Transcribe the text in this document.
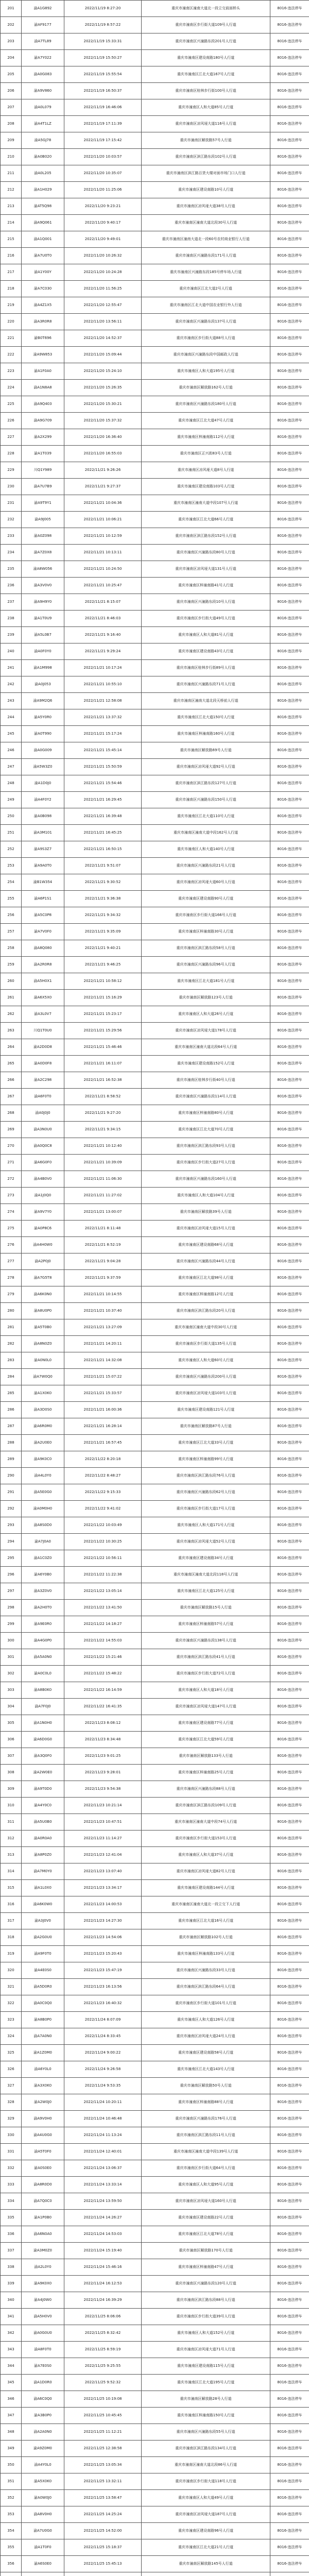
201	渝A1G892	2022/11/19 8:27:20	重庆市潼南区潼南大道北一段立交前面桥头	8016-违法停车
202	渝AF9177	2022/11/19 8:57:22	重庆市潼南区步行街大道109号人行道	8016-违法停车
203	渝A7TL89	2022/11/19 15:33:31	重庆市潼南区兴潼路东段201号人行道	8016-违法停车
204	渝A7Y022	2022/11/19 15:50:27	重庆市潼南区建设南路180号人行道	8016-违法停车
205	渝A0G083	2022/11/19 15:55:54	重庆市潼南区江北大道167号人行道	8016-违法停车
206	渝A9V860	2022/11/19 16:50:37	重庆市潼南区桂林步行街100号人行道	8016-违法停车
207	渝A0L079	2022/11/19 16:46:06	重庆市潼南区人和大道85号人行道	8016-违法停车
208	渝A4T1LZ	2022/11/19 17:11:39	重庆市潼南区凉风垭大道116号人行道	8016-违法停车
209	渝A5GJ78	2022/11/19 17:15:42	重庆市潼南区解放路57号人行道	8016-违法停车
210	渝A0B020	2022/11/20 10:03:57	重庆市潼南区滨江路东段102号人行道	8016-违法停车
211	渝A0L205	2022/11/20 10:35:07	重庆市潼南区滨江路百货大楼对面市场门口人行道	8016-违法停车
212	渝A1H029	2022/11/20 11:25:06	重庆市潼南区建设南路10号人行道	8016-违法停车
213	渝AT5Q98	2022/11/20 9:23:21	重庆市潼南区凉风垭大道38号人行道	8016-违法停车
214	渝A9Q061	2022/11/20 9:40:17	重庆市潼南区潼南大道北段30号人行道	8016-违法停车
215	渝A1Q001	2022/11/20 9:49:01	重庆市潼南区潼南大道北一段60号农村商业银行人行道	8016-违法停车
216	渝A7U0T0	2022/11/20 10:26:32	重庆市潼南区兴潼路东段171号人行道	8016-违法停车
217	渝A1Y00Y	2022/11/20 10:24:28	重庆市潼南区兴潼路东段185号停车场人行道	8016-违法停车
218	渝A7C030	2022/11/20 11:56:25	重庆市潼南区江北大道2号人行道	8016-违法停车
219	渝A4Z1X5	2022/11/20 12:55:47	重庆市潼南区江北大道中国农业银行外人行道	8016-违法停车
220	渝A3R0R8	2022/11/20 13:56:11	重庆市潼南区兴潼路东段137号人行道	8016-违法停车
221	渝B0T696	2022/11/20 14:52:37	重庆市潼南区步行街大道88号人行道	8016-违法停车
222	渝A9W853	2022/11/20 15:09:44	重庆市潼南区兴潼路东段中国邮政人行道	8016-违法停车
223	渝A1F0A0	2022/11/20 15:24:10	重庆市潼南区人和大道195号人行道	8016-违法停车
224	渝A1N8A8	2022/11/20 15:26:35	重庆市潼南区解放路162号人行道	8016-违法停车
225	渝A9Q403	2022/11/20 15:30:21	重庆市潼南区兴潼路东段180号人行道	8016-违法停车
226	渝A9G709	2022/11/20 15:37:32	重庆市潼南区江北大道47号人行道	8016-违法停车
227	渝A2X299	2022/11/20 16:36:40	重庆市潼南区梓潼南路112号人行道	8016-违法停车
228	渝A1T039	2022/11/20 16:55:03	重庆市潼南区正兴街83号人行道	8016-违法停车
229	川Q1Y989	2022/11/21 9:26:26	重庆市潼南区凉风垭大道8号人行道	8016-违法停车
230	渝A7U7B9	2022/11/21 9:27:37	重庆市潼南区建设南路103号人行道	8016-违法停车
231	渝A9T9Y1	2022/11/21 10:04:36	重庆市潼南区潼南大道中段107号人行道	8016-违法停车
232	渝A9J005	2022/11/21 10:06:21	重庆市潼南区江北大道66号人行道	8016-违法停车
233	渝A0Z098	2022/11/21 10:12:59	重庆市潼南区滨江路东段152号人行道	8016-违法停车
234	渝A7Z0X8	2022/11/21 10:13:11	重庆市潼南区兴潼路东段80号人行道	8016-违法停车
235	渝A8W056	2022/11/21 10:24:50	重庆市潼南区凉风垭大道131号人行道	8016-违法停车
236	渝A3V0V0	2022/11/21 10:25:47	重庆市潼南区梓潼南路41号人行道	8016-违法停车
237	渝A9H9Y0	2022/11/21 8:15:07	重庆市潼南区兴潼路东段10号人行道	8016-违法停车
238	渝A1T0U9	2022/11/21 8:46:03	重庆市潼南区步行街大道49号人行道	8016-违法停车
239	渝A5L0B7	2022/11/21 9:16:40	重庆市潼南区人和大道81号人行道	8016-违法停车
240	渝A0F0Y0	2022/11/21 9:29:24	重庆市潼南区建设南路43号人行道	8016-违法停车
241	渝A1M998	2022/11/21 10:17:24	重庆市潼南区桂林步行街89号人行道	8016-违法停车
242	渝A0J053	2022/11/21 10:55:10	重庆市潼南区兴潼路东段71号人行道	8016-违法停车
243	渝A9M2Q6	2022/11/21 12:58:08	重庆市潼南区潼南大道北段天桥前人行道	8016-违法停车
244	渝A5Y0R0	2022/11/21 13:37:32	重庆市潼南区江北大道150号人行道	8016-违法停车
245	渝A0T990	2022/11/21 15:17:24	重庆市潼南区梓潼南路160号人行道	8016-违法停车
246	渝A0G009	2022/11/21 15:45:14	重庆市潼南区解放路69号人行道	8016-违法停车
247	渝A5W3Z0	2022/11/21 15:50:59	重庆市潼南区凉风垭大道92号人行道	8016-违法停车
248	渝A1D0J0	2022/11/21 15:54:46	重庆市潼南区滨江路东段127号人行道	8016-违法停车
249	渝A4F0Y2	2022/11/21 16:29:45	重庆市潼南区兴潼路东段150号人行道	8016-违法停车
250	渝A0B098	2022/11/21 16:39:48	重庆市潼南区江北大道110号人行道	8016-违法停车
251	渝A3M101	2022/11/21 16:45:25	重庆市潼南区潼南大道中段162号人行道	8016-违法停车
252	渝A9S3Z7	2022/11/21 16:50:15	重庆市潼南区人和大道140号人行道	8016-违法停车
253	渝A9A0T0	2022/11/21 9:51:07	重庆市潼南区兴潼路东段21号人行道	8016-违法停车
254	渝B1W354	2022/11/21 9:30:52	重庆市潼南区凉风垭大道60号人行道	8016-违法停车
255	渝A6P1S1	2022/11/21 9:36:38	重庆市潼南区建设南路90号人行道	8016-违法停车
256	渝A5C0P8	2022/11/21 9:34:32	重庆市潼南区步行街大道166号人行道	8016-违法停车
257	渝A7V0F0	2022/11/21 9:35:09	重庆市潼南区梓潼南路30号人行道	8016-违法停车
258	渝A8Q080	2022/11/21 9:40:21	重庆市潼南区滨江路东段58号人行道	8016-违法停车
259	渝A2R0R8	2022/11/21 9:46:25	重庆市潼南区兴潼路东段96号人行道	8016-违法停车
260	渝A5H0X1	2022/11/21 10:58:12	重庆市潼南区江北大道181号人行道	8016-违法停车
261	渝A6X5X0	2022/11/21 15:16:29	重庆市潼南区解放路123号人行道	8016-违法停车
262	渝A3L0V7	2022/11/21 15:23:17	重庆市潼南区人和大道26号人行道	8016-违法停车
263	川Q1T0U0	2022/11/21 15:29:56	重庆市潼南区凉风垭大道178号人行道	8016-违法停车
264	渝A2D0D8	2022/11/21 15:46:46	重庆市潼南区潼南大道北段64号人行道	8016-违法停车
265	渝A0D0F8	2022/11/21 16:11:07	重庆市潼南区建设南路152号人行道	8016-违法停车
266	渝A2C298	2022/11/21 16:52:38	重庆市潼南区桂林步行街40号人行道	8016-违法停车
267	渝A6F0T0	2022/11/21 8:58:52	重庆市潼南区兴潼路东段114号人行道	8016-违法停车
268	渝A0J0J0	2022/11/21 9:27:20	重庆市潼南区梓潼南路80号人行道	8016-违法停车
269	渝A3N0U0	2022/11/21 9:34:15	重庆市潼南区江北大道70号人行道	8016-违法停车
270	渝A0Q0C8	2022/11/21 10:12:40	重庆市潼南区滨江路东段93号人行道	8016-违法停车
271	渝A6G0F0	2022/11/21 10:39:09	重庆市潼南区步行街大道27号人行道	8016-违法停车
272	渝A4B0V0	2022/11/21 11:06:30	重庆市潼南区兴潼路东段160号人行道	8016-违法停车
273	渝A1J0Q0	2022/11/21 11:27:02	重庆市潼南区人和大道104号人行道	8016-违法停车
274	渝A9V7Y0	2022/11/21 13:00:07	重庆市潼南区解放路39号人行道	8016-违法停车
275	渝A0P8C6	2022/11/21 8:11:48	重庆市潼南区凉风垭大道15号人行道	8016-违法停车
276	渝A4H0W0	2022/11/21 8:52:19	重庆市潼南区建设南路68号人行道	8016-违法停车
277	渝A2P0J0	2022/11/21 9:04:28	重庆市潼南区兴潼路东段44号人行道	8016-违法停车
278	渝A7G5T8	2022/11/21 9:37:59	重庆市潼南区江北大道98号人行道	8016-违法停车
279	渝A6K0N0	2022/11/21 10:14:55	重庆市潼南区梓潼南路12号人行道	8016-违法停车
280	渝A8U0P0	2022/11/21 10:37:40	重庆市潼南区滨江路东段20号人行道	8016-违法停车
281	渝A5T0B0	2022/11/21 13:27:09	重庆市潼南区潼南大道中段30号人行道	8016-违法停车
282	渝A8N0Z0	2022/11/21 14:20:11	重庆市潼南区步行街大道135号人行道	8016-违法停车
283	渝A0N0L0	2022/11/21 14:32:08	重庆市潼南区人和大道60号人行道	8016-违法停车
284	渝A7W0Q0	2022/11/21 15:07:22	重庆市潼南区兴潼路东段200号人行道	8016-违法停车
285	渝A1X0K0	2022/11/21 15:33:57	重庆市潼南区凉风垭大道103号人行道	8016-违法停车
286	渝A3D0S0	2022/11/21 16:00:36	重庆市潼南区建设南路121号人行道	8016-违法停车
287	渝A6R0M0	2022/11/21 16:28:14	重庆市潼南区解放路87号人行道	8016-违法停车
288	渝A2U0E0	2022/11/21 16:57:45	重庆市潼南区江北大道33号人行道	8016-违法停车
289	渝A9K0C0	2022/11/22 8:20:18	重庆市潼南区梓潼南路99号人行道	8016-违法停车
290	渝A4L0Y0	2022/11/22 8:48:27	重庆市潼南区滨江路东段76号人行道	8016-违法停车
291	渝A5E0G0	2022/11/22 9:15:33	重庆市潼南区兴潼路东段62号人行道	8016-违法停车
292	渝A0M0H0	2022/11/22 9:41:02	重庆市潼南区步行街大道17号人行道	8016-违法停车
293	渝A8S0D0	2022/11/22 10:03:49	重庆市潼南区人和大道171号人行道	8016-违法停车
294	渝A7J0A0	2022/11/22 10:30:25	重庆市潼南区凉风垭大道52号人行道	8016-违法停车
295	渝A1C0Z0	2022/11/22 10:56:11	重庆市潼南区建设南路34号人行道	8016-违法停车
296	渝A6Y0B0	2022/11/22 11:22:38	重庆市潼南区潼南大道北段118号人行道	8016-违法停车
297	渝A3Z0V0	2022/11/22 13:05:14	重庆市潼南区江北大道125号人行道	8016-违法停车
298	渝A2H0T0	2022/11/22 13:41:50	重庆市潼南区解放路15号人行道	8016-违法停车
299	渝A9E0R0	2022/11/22 14:18:27	重庆市潼南区梓潼南路57号人行道	8016-违法停车
300	渝A4G0P0	2022/11/22 14:55:03	重庆市潼南区兴潼路东段138号人行道	8016-违法停车
301	渝A5A0N0	2022/11/22 15:21:46	重庆市潼南区滨江路东段41号人行道	8016-违法停车
302	渝A0C0L0	2022/11/22 15:48:22	重庆市潼南区步行街大道72号人行道	8016-违法停车
303	渝A8B0K0	2022/11/22 16:14:59	重庆市潼南区人和大道18号人行道	8016-违法停车
304	渝A7F0J0	2022/11/22 16:41:35	重庆市潼南区凉风垭大道147号人行道	8016-违法停车
305	渝A1N0H0	2022/11/23 8:08:12	重庆市潼南区建设南路77号人行道	8016-违法停车
306	渝A6D0G0	2022/11/23 8:34:48	重庆市潼南区江北大道59号人行道	8016-违法停车
307	渝A3Q0F0	2022/11/23 9:01:25	重庆市潼南区解放路133号人行道	8016-违法停车
308	渝A2W0E0	2022/11/23 9:28:01	重庆市潼南区梓潼南路25号人行道	8016-违法停车
309	渝A9T0D0	2022/11/23 9:54:38	重庆市潼南区兴潼路东段88号人行道	8016-违法停车
310	渝A4Y0C0	2022/11/23 10:21:14	重庆市潼南区滨江路东段109号人行道	8016-违法停车
311	渝A5U0B0	2022/11/23 10:47:51	重庆市潼南区潼南大道中段74号人行道	8016-违法停车
312	渝A0R0A0	2022/11/23 11:14:27	重庆市潼南区步行街大道153号人行道	8016-违法停车
313	渝A8P0Z0	2022/11/23 12:41:04	重庆市潼南区人和大道37号人行道	8016-违法停车
314	渝A7M0Y0	2022/11/23 13:07:40	重庆市潼南区凉风垭大道82号人行道	8016-违法停车
315	渝A1L0X0	2022/11/23 13:34:17	重庆市潼南区建设南路144号人行道	8016-违法停车
316	渝A6K0W0	2022/11/23 14:00:53	重庆市潼南区潼南大道北一段立交下人行道	8016-违法停车
317	渝A3J0V0	2022/11/23 14:27:30	重庆市潼南区江北大道16号人行道	8016-违法停车
318	渝A2G0U0	2022/11/23 14:54:06	重庆市潼南区解放路102号人行道	8016-违法停车
319	渝A9F0T0	2022/11/23 15:20:43	重庆市潼南区梓潼南路133号人行道	8016-违法停车
320	渝A4E0S0	2022/11/23 15:47:19	重庆市潼南区兴潼路东段33号人行道	8016-违法停车
321	渝A5D0R0	2022/11/23 16:13:56	重庆市潼南区滨江路东段64号人行道	8016-违法停车
322	渝A0C0Q0	2022/11/23 16:40:32	重庆市潼南区步行街大道101号人行道	8016-违法停车
323	渝A8B0P0	2022/11/24 8:07:09	重庆市潼南区人和大道126号人行道	8016-违法停车
324	渝A7A0N0	2022/11/24 8:33:45	重庆市潼南区凉风垭大道24号人行道	8016-违法停车
325	渝A1Z0M0	2022/11/24 9:00:22	重庆市潼南区建设南路58号人行道	8016-违法停车
326	渝A6Y0L0	2022/11/24 9:26:58	重庆市潼南区江北大道143号人行道	8016-违法停车
327	渝A3X0K0	2022/11/24 9:53:35	重庆市潼南区解放路50号人行道	8016-违法停车
328	渝A2W0J0	2022/11/24 10:20:11	重庆市潼南区梓潼南路88号人行道	8016-违法停车
329	渝A9V0H0	2022/11/24 10:46:48	重庆市潼南区兴潼路东段176号人行道	8016-违法停车
330	渝A4U0G0	2022/11/24 11:13:24	重庆市潼南区滨江路东段11号人行道	8016-违法停车
331	渝A5T0F0	2022/11/24 12:40:01	重庆市潼南区潼南大道中段139号人行道	8016-违法停车
332	渝A0S0E0	2022/11/24 13:06:37	重庆市潼南区步行街大道64号人行道	8016-违法停车
333	渝A8R0D0	2022/11/24 13:33:14	重庆市潼南区人和大道95号人行道	8016-违法停车
334	渝A7Q0C0	2022/11/24 13:59:50	重庆市潼南区凉风垭大道160号人行道	8016-违法停车
335	渝A1P0B0	2022/11/24 14:26:27	重庆市潼南区建设南路22号人行道	8016-违法停车
336	渝A6N0A0	2022/11/24 14:53:03	重庆市潼南区江北大道78号人行道	8016-违法停车
337	渝A3M0Z0	2022/11/24 15:19:40	重庆市潼南区解放路170号人行道	8016-违法停车
338	渝A2L0Y0	2022/11/24 15:46:16	重庆市潼南区梓潼南路47号人行道	8016-违法停车
339	渝A9K0X0	2022/11/24 16:12:53	重庆市潼南区兴潼路东段120号人行道	8016-违法停车
340	渝A4J0W0	2022/11/24 16:39:29	重庆市潼南区滨江路东段88号人行道	8016-违法停车
341	渝A5H0V0	2022/11/25 8:06:06	重庆市潼南区步行街大道39号人行道	8016-违法停车
342	渝A0G0U0	2022/11/25 8:32:42	重庆市潼南区人和大道152号人行道	8016-违法停车
343	渝A8F0T0	2022/11/25 8:59:19	重庆市潼南区凉风垭大道71号人行道	8016-违法停车
344	渝A7E0S0	2022/11/25 9:25:55	重庆市潼南区建设南路115号人行道	8016-违法停车
345	渝A1D0R0	2022/11/25 9:52:32	重庆市潼南区江北大道195号人行道	8016-违法停车
346	渝A6C0Q0	2022/11/25 10:19:08	重庆市潼南区解放路28号人行道	8016-违法停车
347	渝A3B0P0	2022/11/25 10:45:45	重庆市潼南区梓潼南路150号人行道	8016-违法停车
348	渝A2A0N0	2022/11/25 11:12:21	重庆市潼南区兴潼路东段55号人行道	8016-违法停车
349	渝A9Z0M0	2022/11/25 12:38:58	重庆市潼南区滨江路东段134号人行道	8016-违法停车
350	渝A4Y0L0	2022/11/25 13:05:34	重庆市潼南区潼南大道北段86号人行道	8016-违法停车
351	渝A5X0K0	2022/11/25 13:32:11	重庆市潼南区步行街大道118号人行道	8016-违法停车
352	渝A0W0J0	2022/11/25 13:58:47	重庆市潼南区人和大道49号人行道	8016-违法停车
353	渝A8V0H0	2022/11/25 14:25:24	重庆市潼南区凉风垭大道187号人行道	8016-违法停车
354	渝A7U0G0	2022/11/25 14:52:00	重庆市潼南区建设南路96号人行道	8016-违法停车
355	渝A1T0F0	2022/11/25 15:18:37	重庆市潼南区江北大道21号人行道	8016-违法停车
356	渝A6S0E0	2022/11/25 15:45:13	重庆市潼南区解放路145号人行道	8016-违法停车
